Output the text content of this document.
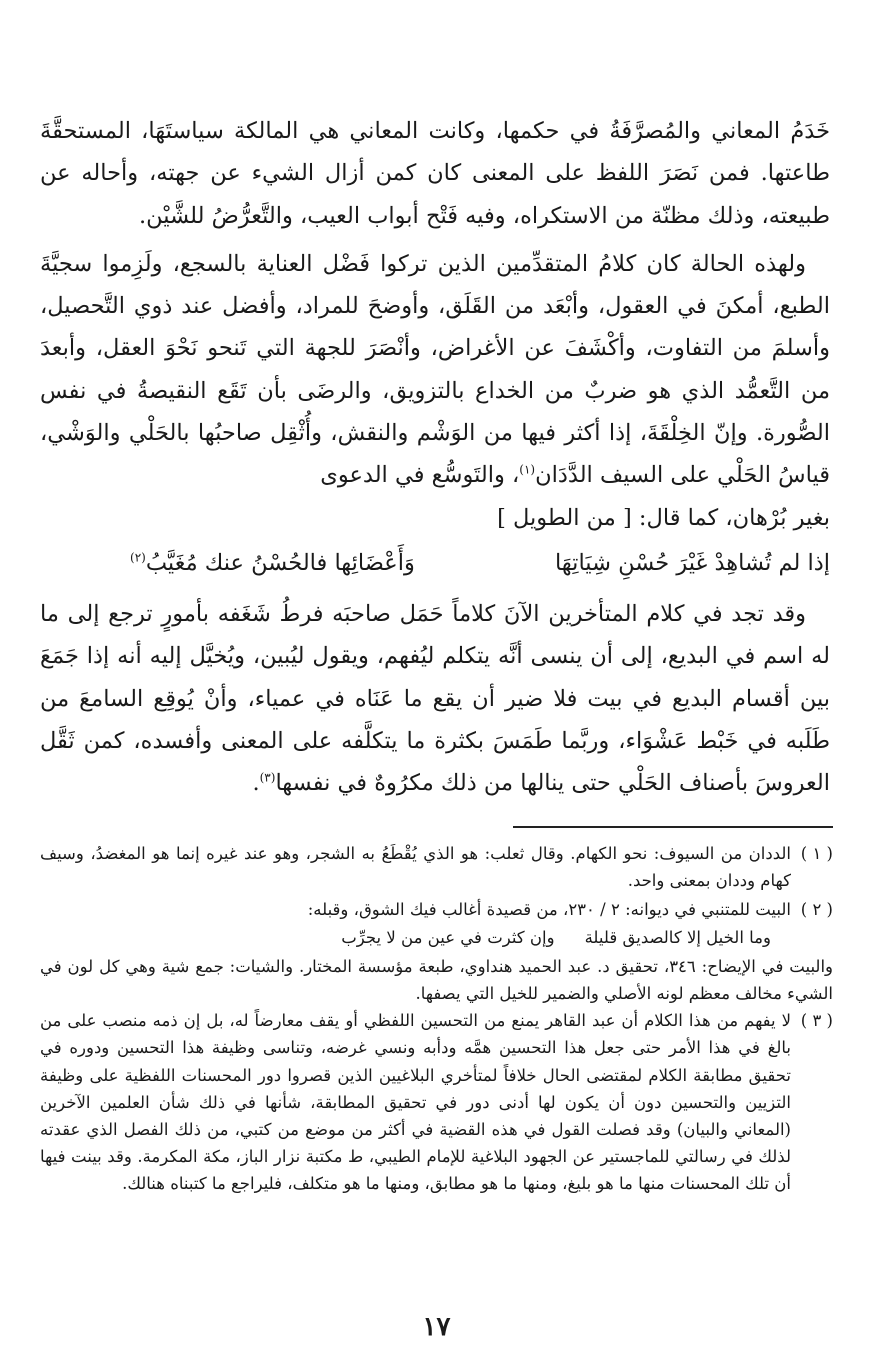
خَدَمُ المعاني والمُصرَّفَةُ في حكمها، وكانت المعاني هي المالكة سياستَهَا، المستحقَّةَ طاعتها. فمن نَصَرَ اللفظ على المعنى كان كمن أزال الشيء عن جهته، وأحاله عن طبيعته، وذلك مظنّة من الاستكراه، وفيه فَتْح أبواب العيب، والتَّعرُّضُ للشَّيْن.

ولهذه الحالة كان كلامُ المتقدِّمين الذين تركوا فَضْل العناية بالسجع، ولَزِموا سجيَّةَ الطبع، أمكنَ في العقول، وأبْعَد من القَلَق، وأوضحَ للمراد، وأفضل عند ذوي التَّحصيل، وأسلمَ من التفاوت، وأكْشَفَ عن الأغراض، وأنْصَرَ للجهة التي تَنحو نَحْوَ العقل، وأبعدَ من التَّعمُّد الذي هو ضربٌ من الخداع بالتزويق، والرضَى بأن تَقَع النقيصةُ في نفس الصُّورة. وإنّ الخِلْقَةَ، إذا أكثر فيها من الوَشْم والنقش، وأُثْقِل صاحبُها بالحَلْي والوَشْي، قياسُ الحَلْي على السيف الدَّدَان$^{(١)}$، والتَوسُّع في الدعوى

بغير بُرْهان، كما قال: [ من الطويل ]

إذا لم تُشاهِدْ غَيْرَ حُسْنِ شِيَاتِهَا
وَأَعْضَائِها فالحُسْنُ عنك مُغَيَّبُ$^{(٢)}$

وقد تجد في كلام المتأخرين الآنَ كلاماً حَمَل صاحبَه فرطُ شَغَفه بأمورٍ ترجع إلى ما له اسم في البديع، إلى أن ينسى أنَّه يتكلم ليُفهم، ويقول ليُبين، ويُخيَّل إليه أنه إذا جَمَعَ بين أقسام البديع في بيت فلا ضير أن يقع ما عَنَاه في عمياء، وأنْ يُوقِع السامعَ من طَلَبه في خَبْط عَشْوَاء، وربَّما طَمَسَ بكثرة ما يتكلَّفه على المعنى وأفسده، كمن ثَقَّل العروسَ بأصناف الحَلْي حتى ينالها من ذلك مكرُوهٌ في نفسها$^{(٣)}$.

( ١ )
الددان من السيوف: نحو الكهام. وقال ثعلب: هو الذي يُقْطَعُ به الشجر، وهو عند غيره إنما هو المغضدُ، وسيف كهام وددان بمعنى واحد.
( ٢ )
البيت للمتنبي في ديوانه: ٢ / ٢٣٠، من قصيدة أغالب فيك الشوق، وقبله:
وما الخيل إلا كالصديق قليلة
وإن كثرت في عين من لا يجرِّب
والبيت في الإيضاح: ٣٤٦، تحقيق د. عبد الحميد هنداوي، طبعة مؤسسة المختار. والشيات: جمع شية وهي كل لون في الشيء مخالف معظم لونه الأصلي والضمير للخيل التي يصفها.
( ٣ )
لا يفهم من هذا الكلام أن عبد القاهر يمنع من التحسين اللفظي أو يقف معارضاً له، بل إن ذمه منصب على من بالغ في هذا الأمر حتى جعل هذا التحسين همَّه ودأبه ونسي غرضه، وتناسى وظيفة هذا التحسين ودوره في تحقيق مطابقة الكلام لمقتضى الحال خلافاً لمتأخري البلاغيين الذين قصروا دور المحسنات اللفظية على وظيفة التزيين والتحسين دون أن يكون لها أدنى دور في تحقيق المطابقة، شأنها في ذلك شأن العلمين الآخرين (المعاني والبيان) وقد فصلت القول في هذه القضية في أكثر من موضع من كتبي، من ذلك الفصل الذي عقدته لذلك في رسالتي للماجستير عن الجهود البلاغية للإمام الطيبي، ط مكتبة نزار الباز، مكة المكرمة. وقد بينت فيها أن تلك المحسنات منها ما هو بليغ، ومنها ما هو مطابق، ومنها ما هو متكلف، فليراجع ما كتبناه هنالك.
١٧
